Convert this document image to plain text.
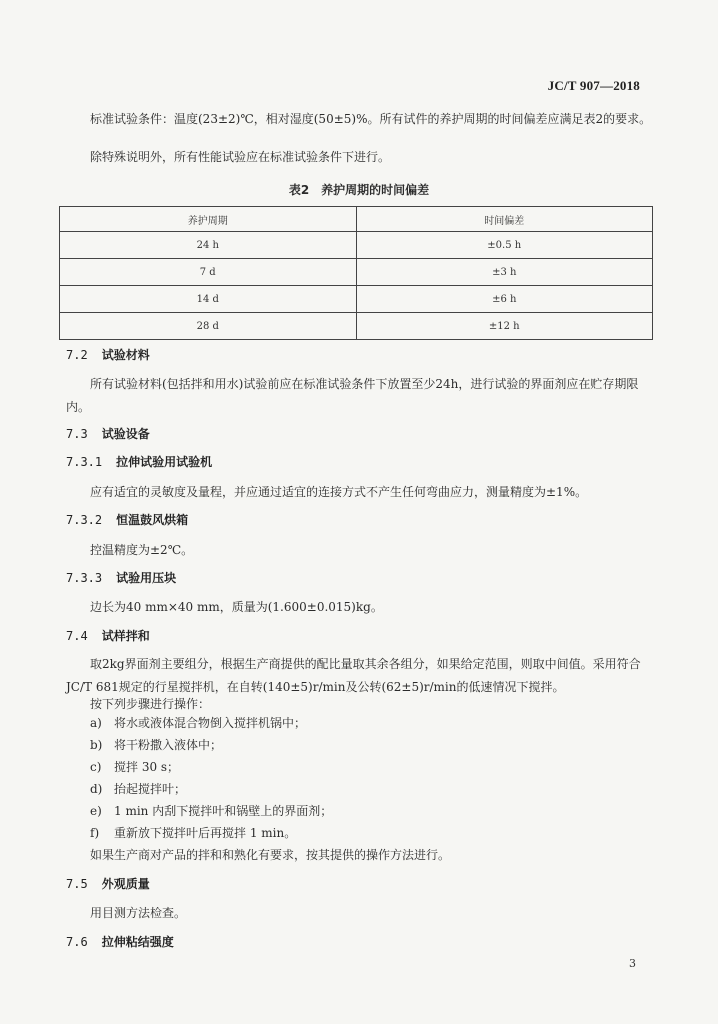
JC/T 907—2018
标准试验条件：温度(23±2)℃，相对湿度(50±5)%。所有试件的养护周期的时间偏差应满足表2的要求。
除特殊说明外，所有性能试验应在标准试验条件下进行。
表2　养护周期的时间偏差
养护周期	时间偏差
24 h	±0.5 h
7 d	±3 h
14 d	±6 h
28 d	±12 h
7.2 试验材料
所有试验材料(包括拌和用水)试验前应在标准试验条件下放置至少24h，进行试验的界面剂应在贮存期限内。
7.3 试验设备
7.3.1 拉伸试验用试验机
应有适宜的灵敏度及量程，并应通过适宜的连接方式不产生任何弯曲应力，测量精度为±1%。
7.3.2 恒温鼓风烘箱
控温精度为±2℃。
7.3.3 试验用压块
边长为40 mm×40 mm，质量为(1.600±0.015)kg。
7.4 试样拌和
取2kg界面剂主要组分，根据生产商提供的配比量取其余各组分，如果给定范围，则取中间值。采用符合JC/T 681规定的行星搅拌机，在自转(140±5)r/min及公转(62±5)r/min的低速情况下搅拌。
按下列步骤进行操作：
a) 将水或液体混合物倒入搅拌机锅中；
b) 将干粉撒入液体中；
c) 搅拌 30 s；
d) 抬起搅拌叶；
e) 1 min 内刮下搅拌叶和锅壁上的界面剂；
f) 重新放下搅拌叶后再搅拌 1 min。
如果生产商对产品的拌和和熟化有要求，按其提供的操作方法进行。
7.5 外观质量
用目测方法检查。
7.6 拉伸粘结强度
3
